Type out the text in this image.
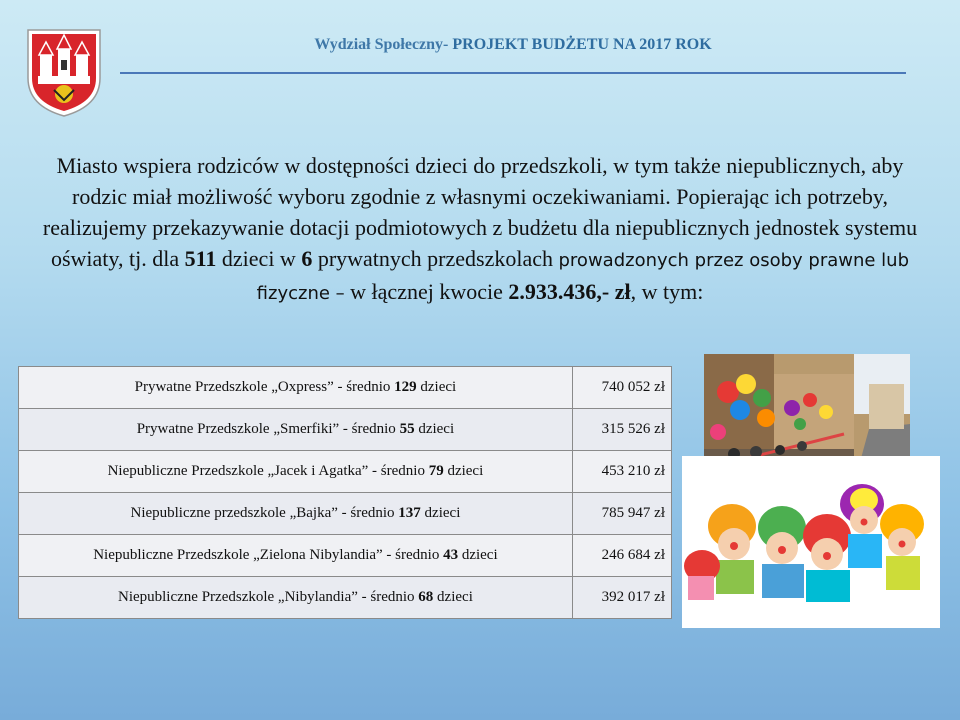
Wydział Społeczny- PROJEKT BUDŻETU NA 2017 ROK
Miasto wspiera rodziców w dostępności dzieci do przedszkoli, w tym także niepublicznych, aby rodzic miał możliwość wyboru zgodnie z własnymi oczekiwaniami. Popierając ich potrzeby, realizujemy przekazywanie dotacji podmiotowych z budżetu dla niepublicznych jednostek systemu oświaty, tj. dla 511 dzieci w 6 prywatnych przedszkolach prowadzonych przez osoby prawne lub fizyczne – w łącznej kwocie 2.933.436,- zł, w tym:
Prywatne Przedszkole „Oxpress” - średnio 129 dzieci	740 052 zł
Prywatne Przedszkole „Smerfiki” - średnio 55 dzieci	315 526 zł
Niepubliczne Przedszkole „Jacek i Agatka” - średnio 79 dzieci	453 210 zł
Niepubliczne przedszkole „Bajka” - średnio 137 dzieci	785 947 zł
Niepubliczne Przedszkole „Zielona Nibylandia” - średnio 43 dzieci	246 684 zł
Niepubliczne Przedszkole „Nibylandia” - średnio 68 dzieci	392 017 zł
